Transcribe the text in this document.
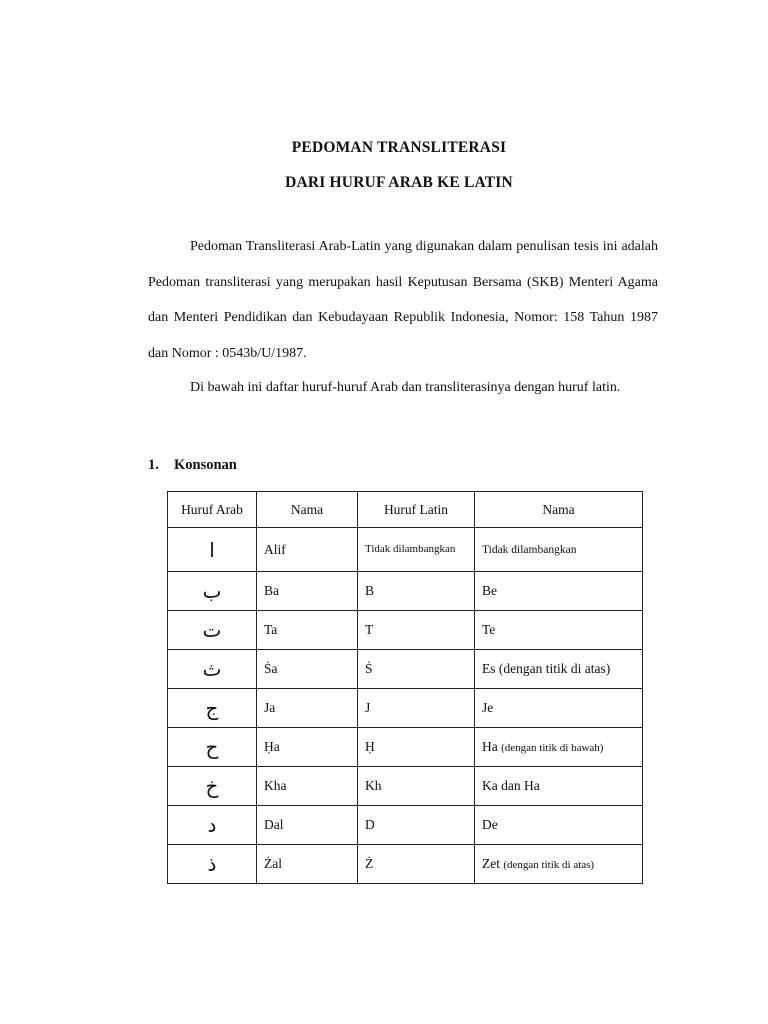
PEDOMAN TRANSLITERASI
DARI HURUF ARAB KE LATIN

Pedoman Transliterasi Arab-Latin yang digunakan dalam penulisan tesis ini adalah Pedoman transliterasi yang merupakan hasil Keputusan Bersama (SKB) Menteri Agama dan Menteri Pendidikan dan Kebudayaan Republik Indonesia, Nomor: 158 Tahun 1987 dan Nomor : 0543b/U/1987.

Di bawah ini daftar huruf-huruf Arab dan transliterasinya dengan huruf latin.

1. Konsonan
Huruf Arab	Nama	Huruf Latin	Nama
ا	Alif	Tidak dilambangkan	Tidak dilambangkan
ب	Ba	B	Be
ت	Ta	T	Te
ث	Ṡa	Ṡ	Es (dengan titik di atas)
ج	Ja	J	Je
ح	Ḥa	Ḥ	Ha (dengan titik di bawah)
خ	Kha	Kh	Ka dan Ha
د	Dal	D	De
ذ	Żal	Ż	Zet (dengan titik di atas)
